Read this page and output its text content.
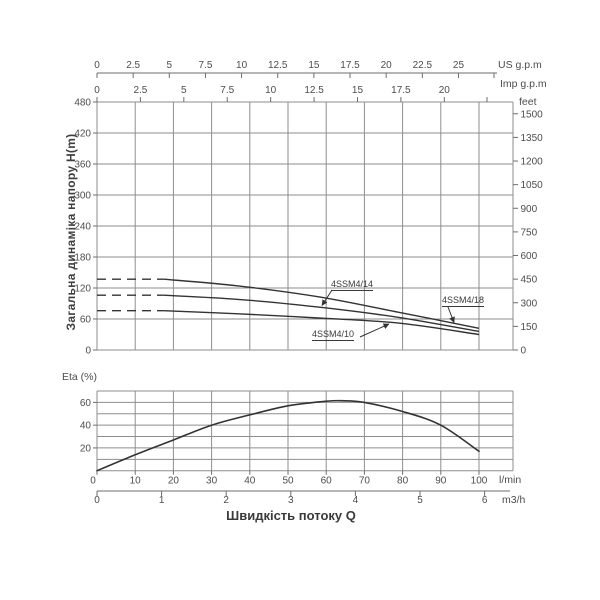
480
420
360
300
240
180
120
60
0
1500
1350
1200
1050
900
750
600
450
300
150
0
0	2.5	5	7.5 10 12.5 15 17.5 20 22.5 25
0	2.5	5	7.5	10	12.5	15	17.5	20
60
40
20
0	10	20	30	40	50	60	70	80	90 100
0	1	2	3	4	5	6
Загальна динаміка напору H(m)
US g.p.m
Imp g.p.m
feet
Eta (%)
l/min
m3/h
Швидкість потоку Q
4SSM4/18
4SSM4/14
4SSM4/10
